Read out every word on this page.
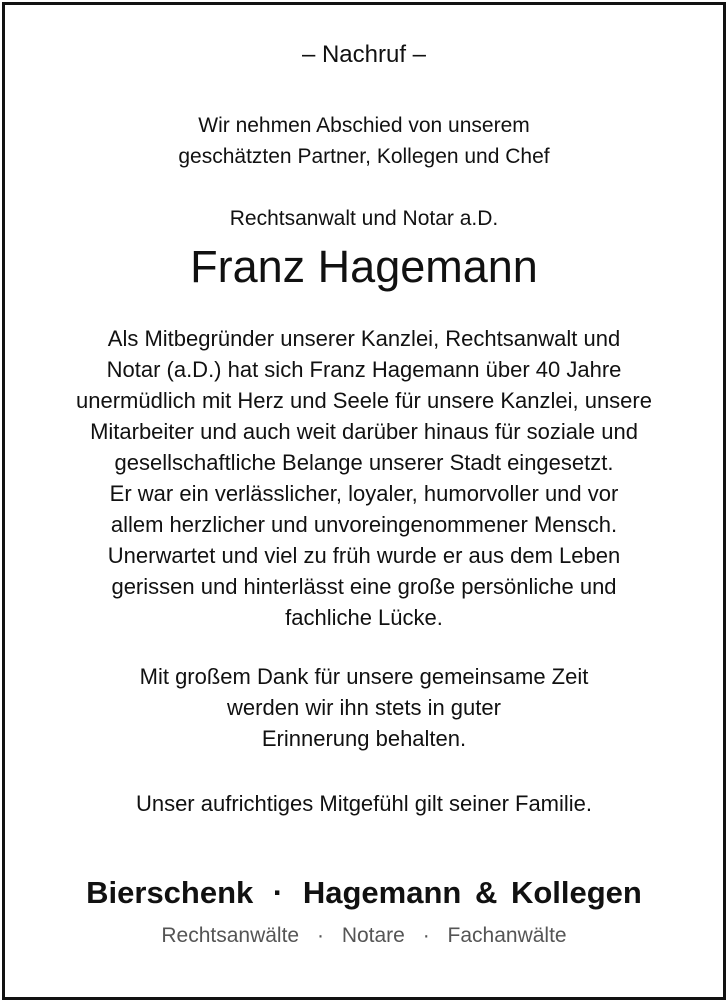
– Nachruf –
Wir nehmen Abschied von unserem
geschätzten Partner, Kollegen und Chef
Rechtsanwalt und Notar a.D.
Franz Hagemann
Als Mitbegründer unserer Kanzlei, Rechtsanwalt und
Notar (a.D.) hat sich Franz Hagemann über 40 Jahre
unermüdlich mit Herz und Seele für unsere Kanzlei, unsere
Mitarbeiter und auch weit darüber hinaus für soziale und
gesellschaftliche Belange unserer Stadt eingesetzt.
Er war ein verlässlicher, loyaler, humorvoller und vor
allem herzlicher und unvoreingenommener Mensch.
Unerwartet und viel zu früh wurde er aus dem Leben
gerissen und hinterlässt eine große persönliche und
fachliche Lücke.
Mit großem Dank für unsere gemeinsame Zeit
werden wir ihn stets in guter
Erinnerung behalten.
Unser aufrichtiges Mitgefühl gilt seiner Familie.
Bierschenk · Hagemann & Kollegen
Rechtsanwälte · Notare · Fachanwälte
